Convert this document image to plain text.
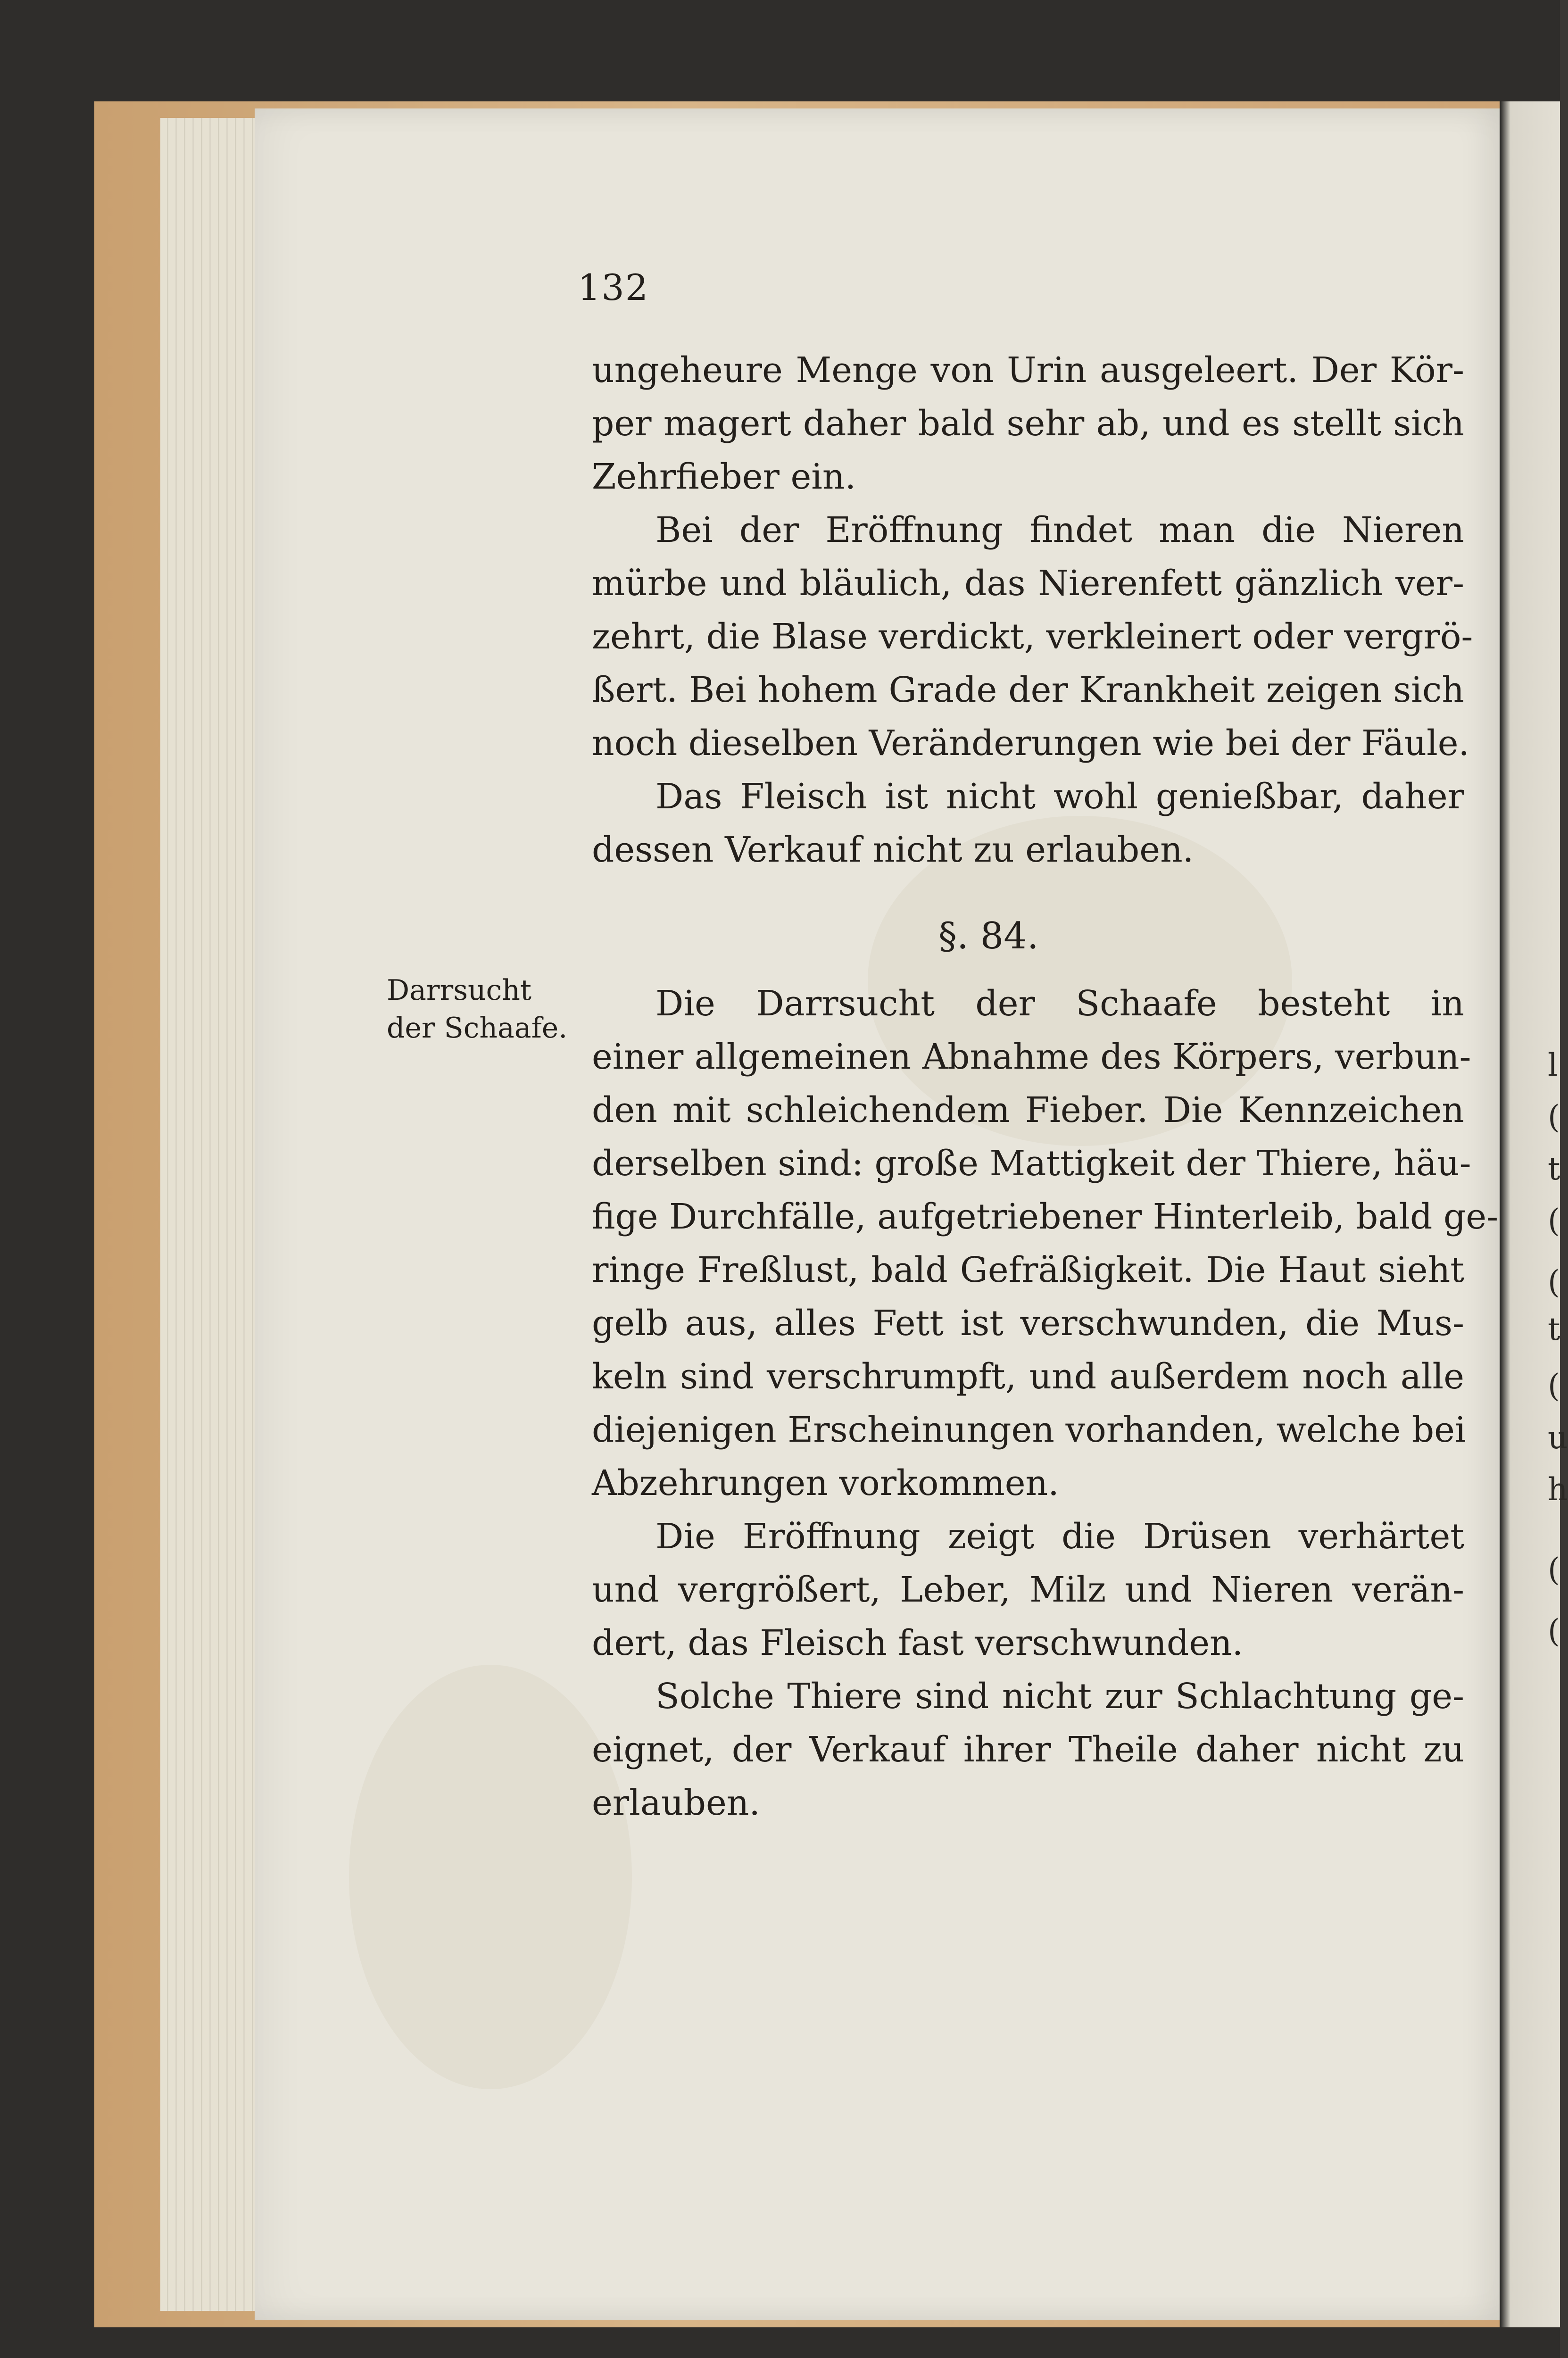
132
ungeheure Menge von Urin ausgeleert. Der Kör-
per magert daher bald sehr ab, und es stellt sich
Zehrfieber ein.
Bei der Eröffnung findet man die Nieren
mürbe und bläulich, das Nierenfett gänzlich ver-
zehrt, die Blase verdickt, verkleinert oder vergrö-
ßert. Bei hohem Grade der Krankheit zeigen sich
noch dieselben Veränderungen wie bei der Fäule.
Das Fleisch ist nicht wohl genießbar, daher
dessen Verkauf nicht zu erlauben.
§. 84.
Darrsucht
der Schaafe.
Die Darrsucht der Schaafe besteht in
einer allgemeinen Abnahme des Körpers, verbun-
den mit schleichendem Fieber. Die Kennzeichen
derselben sind: große Mattigkeit der Thiere, häu-
fige Durchfälle, aufgetriebener Hinterleib, bald ge-
ringe Freßlust, bald Gefräßigkeit. Die Haut sieht
gelb aus, alles Fett ist verschwunden, die Mus-
keln sind verschrumpft, und außerdem noch alle
diejenigen Erscheinungen vorhanden, welche bei
Abzehrungen vorkommen.
Die Eröffnung zeigt die Drüsen verhärtet
und vergrößert, Leber, Milz und Nieren verän-
dert, das Fleisch fast verschwunden.
Solche Thiere sind nicht zur Schlachtung ge-
eignet, der Verkauf ihrer Theile daher nicht zu
erlauben.
l
(
t
(
(
t
(
u
h
(
(
